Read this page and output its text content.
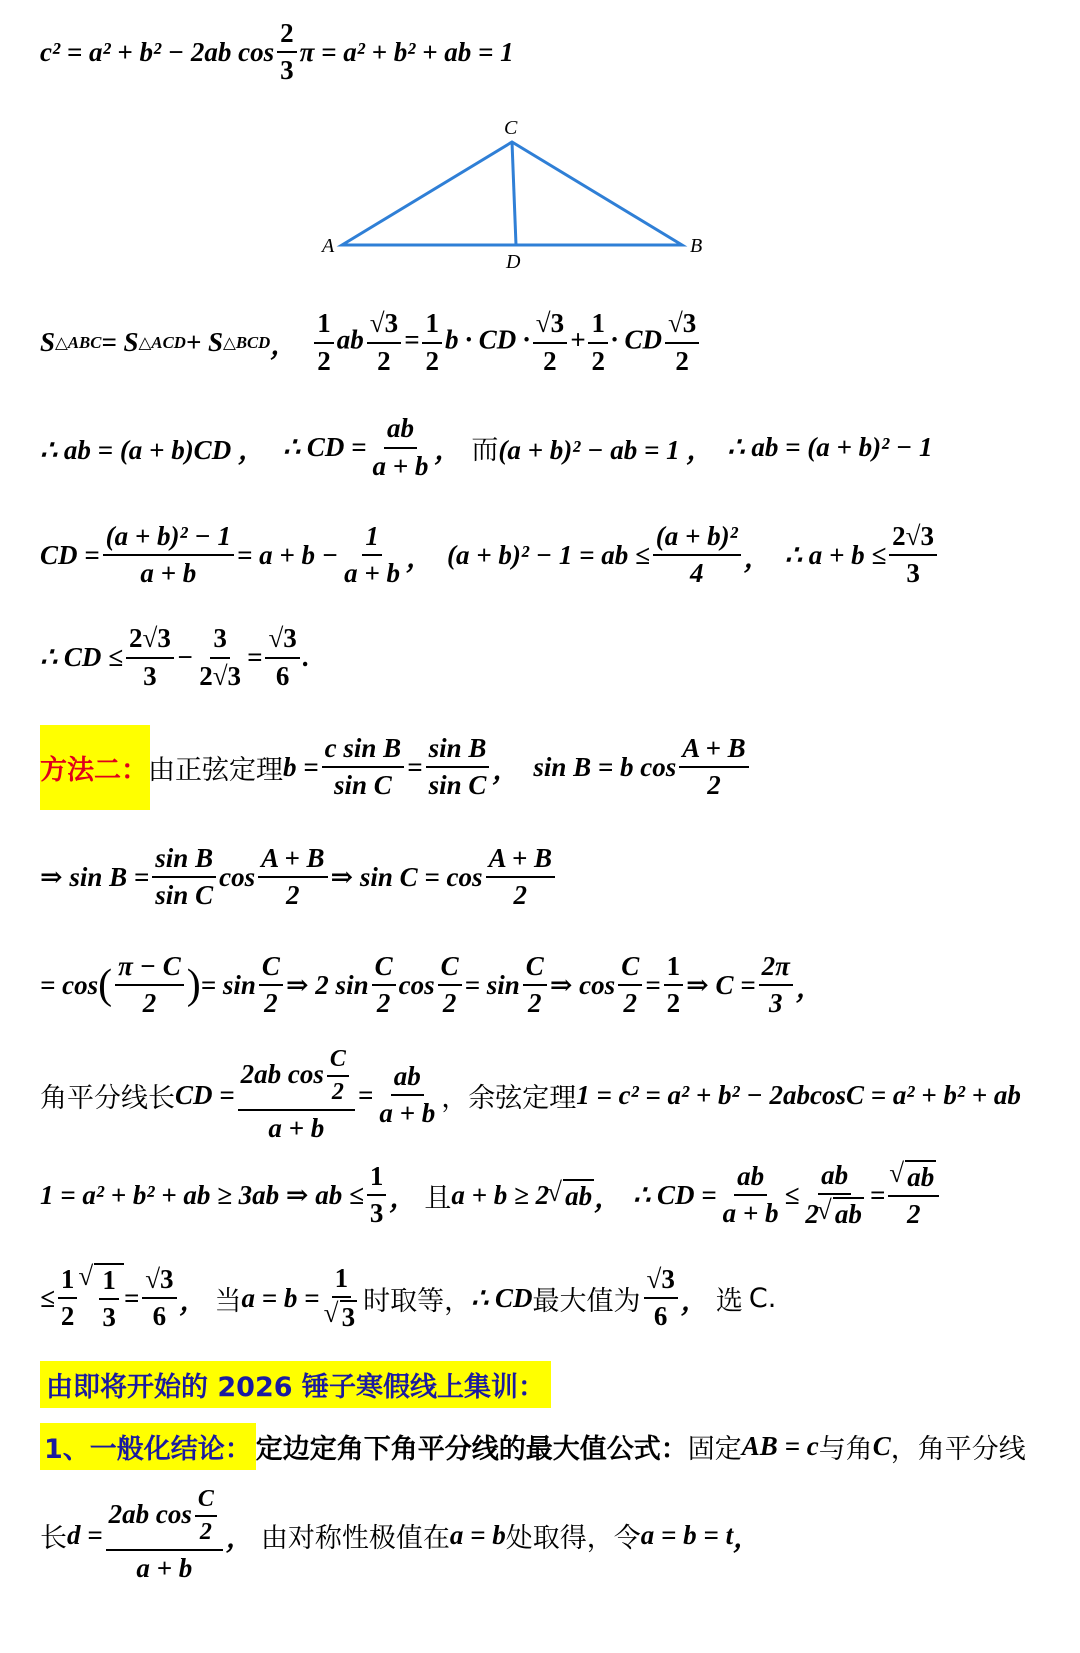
c² = a² + b² − 2ab $\cos \frac{2}{3}$ π = a² + b² + ab = 1
A
C
B
D
S △ABC = S △ACD + S △BCD ， $\frac{1}{2}$ ab $\frac{√3}{2} = \frac{1}{2}$ b · CD · $\frac{√3}{2} + \frac{1}{2}$ · CD $\frac{√3}{2}$
∴ ab = (a + b)CD ， ∴ CD = $\frac{ab}{a + b}$ ， 而 (a + b)² − ab = 1 ， ∴ ab = (a + b)² − 1
CD = $\frac{\text{(a + b)² − 1}}{a + b} = a + b - \frac{1}{a + b}$ ， (a + b)² − 1 = ab ≤ $\frac{\text{(a + b)²}}{4}$ ， ∴ $a + b \le \frac{2√3}{3}$
∴ CD ≤ $\frac{2√3}{3} - \frac{3}{2√3} = \frac{√3}{6}$ .
方法二： 由正弦定理 $b = \frac{\text{c sin B}}{\text{sin C}} = \frac{\text{sin B}}{\text{sin C}}$ ， sin B = b $\cos \frac{A + B}{2}$
⇒ $\sin B = \frac{\text{sin B}}{\text{sin C}}$ $\cos \frac{A + B}{2}$ ⇒ $\sin C = \cos \frac{A + B}{2}$
= cos ( $\frac{\pi - C}{2}$ ) = $\sin \frac{C}{2}$ ⇒ 2 $\sin \frac{C}{2}$ $\cos \frac{C}{2} = \sin \frac{C}{2}$ ⇒ $\cos \frac{C}{2} = \frac{1}{2}$ ⇒ $C = \frac{2\pi}{3}$ ，
角平分线长 CD = $\frac{2ab \cos \frac{C}{2}}{a + b} = \frac{ab}{a + b}$ ，余弦定理 1 = c² = a² + b² − 2abcosC = a² + b² + ab
1 = a² + b² + ab ≥ 3ab ⇒ ab ≤ $\frac{1}{3}$ ， 且 a + b ≥ 2 √ ab ， ∴ CD = $\frac{ab}{a + b} \le \frac{ab}{2 √ ab}$ = √ $\frac{ab}{2}$
≤ $\frac{1}{2}$ √ $\frac{1}{3} = \frac{√3}{6}$ ， 当 a = b = 1
√ 3 时取等， ∴ CD 最大值为 $\frac{√3}{6}$ ， 选 C.
由即将开始的 2026 锤子寒假线上集训：
1、一般化结论： 定边定角下角平分线的最大值公式： 固定 AB = c 与角 C ，角平分线
长 $d = \frac{2ab \cos \frac{C}{2}}{a + b}$ ， 由对称性极值在 a = b 处取得， 令 a = b = t ，
